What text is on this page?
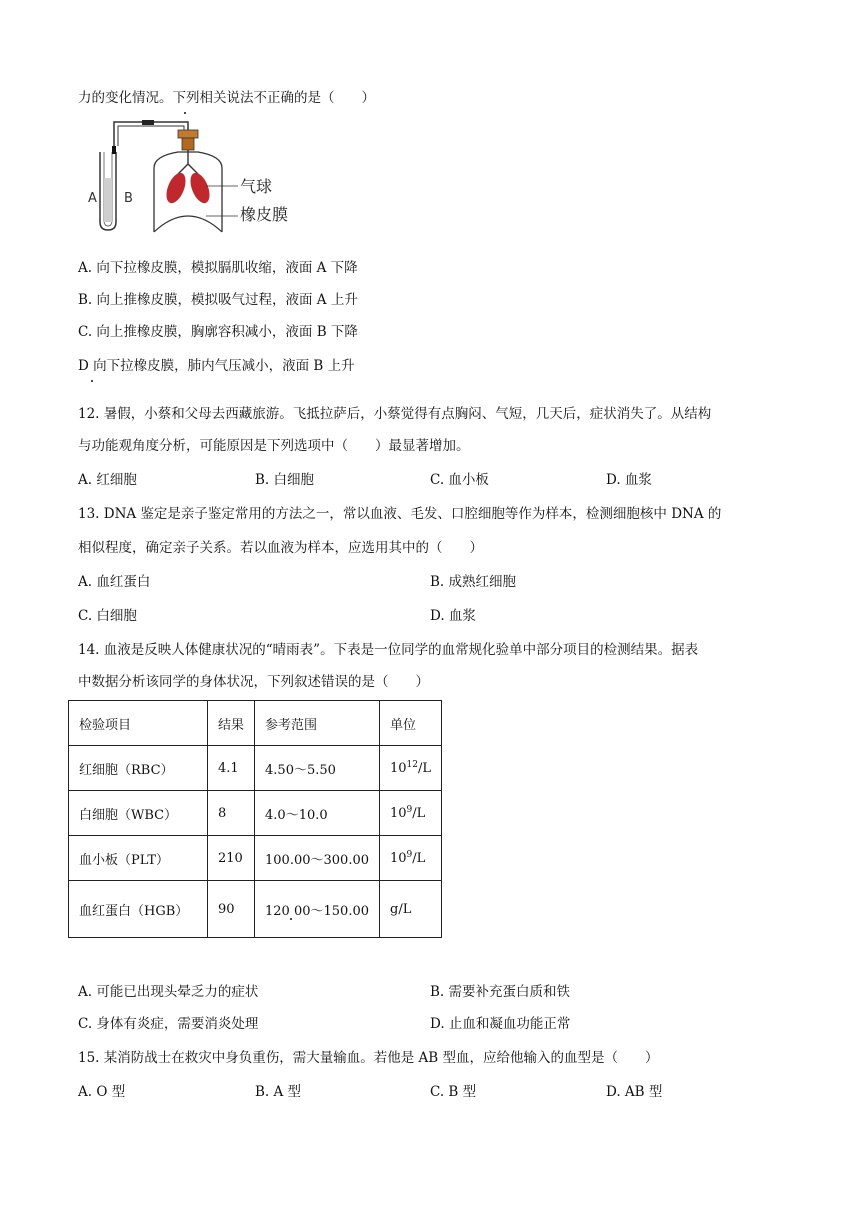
力的变化情况。下列相关说法不正确的是（　　）
A B
气球
橡皮膜
A. 向下拉橡皮膜，模拟膈肌收缩，液面 A 下降
B. 向上推橡皮膜，模拟吸气过程，液面 A 上升
C. 向上推橡皮膜，胸廓容积减小，液面 B 下降
D 向下拉橡皮膜，肺内气压减小，液面 B 上升
12. 暑假，小蔡和父母去西藏旅游。飞抵拉萨后，小蔡觉得有点胸闷、气短，几天后，症状消失了。从结构
与功能观角度分析，可能原因是下列选项中（　　）最显著增加。
A. 红细胞	B. 白细胞	C. 血小板	D. 血浆
13. DNA 鉴定是亲子鉴定常用的方法之一，常以血液、毛发、口腔细胞等作为样本，检测细胞核中 DNA 的
相似程度，确定亲子关系。若以血液为样本，应选用其中的（　　）
A. 血红蛋白	B. 成熟红细胞
C. 白细胞	D. 血浆
14. 血液是反映人体健康状况的“晴雨表”。下表是一位同学的血常规化验单中部分项目的检测结果。据表
中数据分析该同学的身体状况，下列叙述错误的是（　　）
检验项目	结果	参考范围	单位
红细胞（RBC）	4.1	4.50～5.50	$10^{12}/L$
白细胞（WBC）	8	4.0～10.0	$10^9/L$
血小板（PLT）	210	100.00～300.00	$10^9/L$
血红蛋白（HGB）	90	120 00～150.00	g/L
A. 可能已出现头晕乏力的症状	B. 需要补充蛋白质和铁
C. 身体有炎症，需要消炎处理	D. 止血和凝血功能正常
15. 某消防战士在救灾中身负重伤，需大量输血。若他是 AB 型血，应给他输入的血型是（　　）
A. O 型	B. A 型	C. B 型	D. AB 型
